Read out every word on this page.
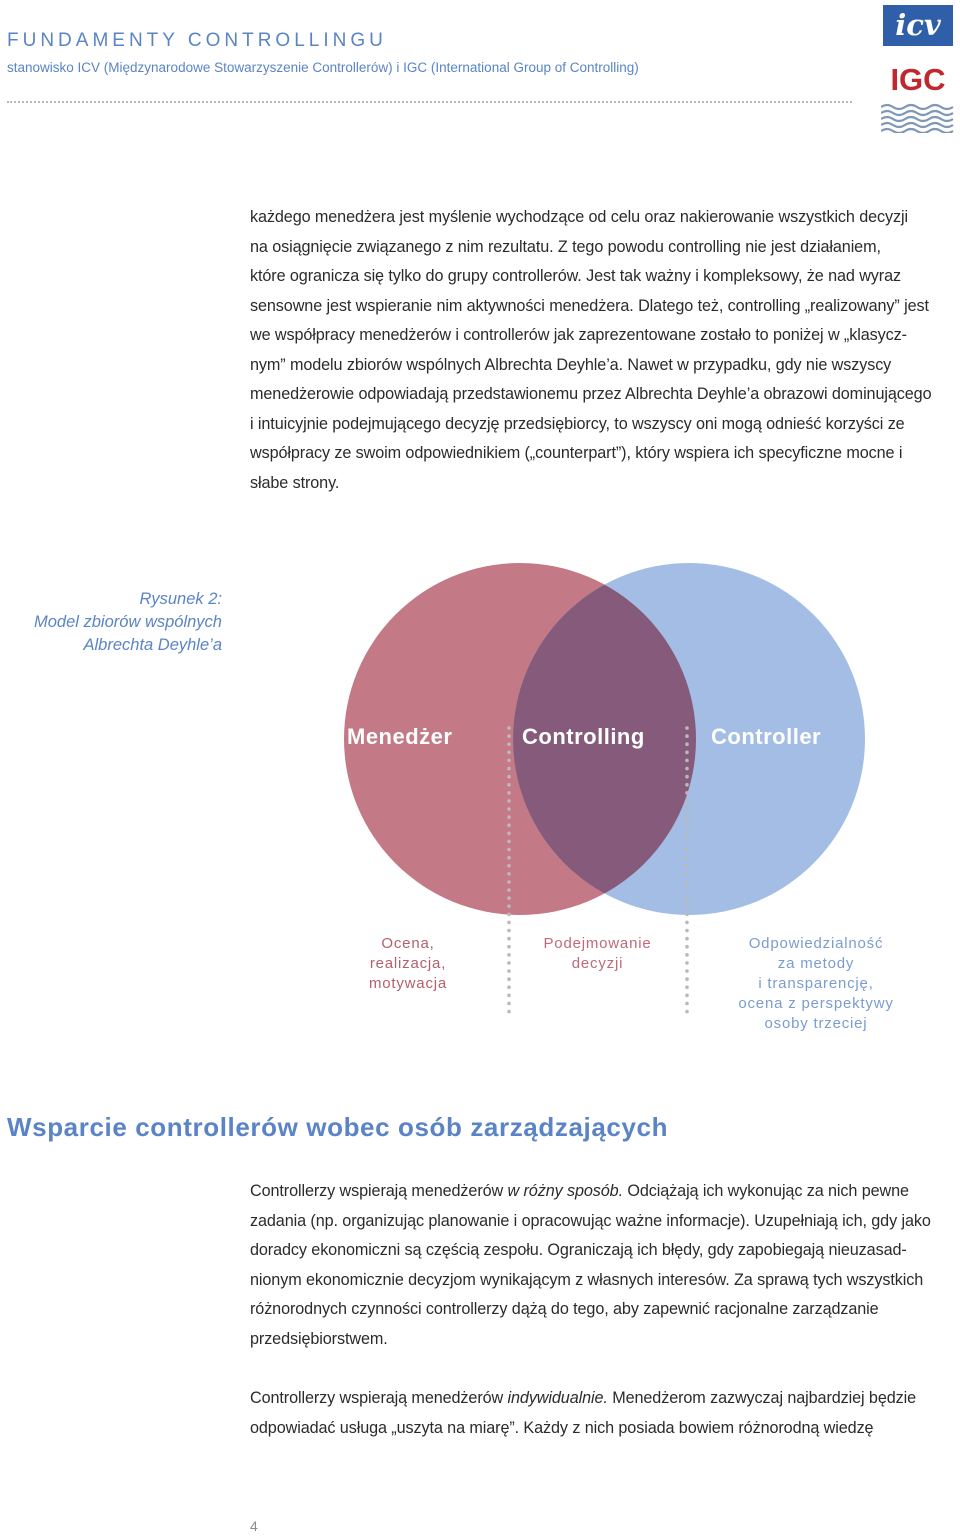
FUNDAMENTY CONTROLLINGU
stanowisko ICV (Międzynarodowe Stowarzyszenie Controllerów) i IGC (International Group of Controlling)
icv
IGC
każdego menedżera jest myślenie wychodzące od celu oraz nakierowanie wszystkich decyzji
na osiągnięcie związanego z nim rezultatu. Z tego powodu controlling nie jest działaniem,
które ogranicza się tylko do grupy controllerów. Jest tak ważny i kompleksowy, że nad wyraz
sensowne jest wspieranie nim aktywności menedżera. Dlatego też, controlling „realizowany” jest
we współpracy menedżerów i controllerów jak zaprezentowane zostało to poniżej w „klasycz-
nym” modelu zbiorów wspólnych Albrechta Deyhle’a. Nawet w przypadku, gdy nie wszyscy
menedżerowie odpowiadają przedstawionemu przez Albrechta Deyhle’a obrazowi dominującego
i intuicyjnie podejmującego decyzję przedsiębiorcy, to wszyscy oni mogą odnieść korzyści ze
współpracy ze swoim odpowiednikiem („counterpart”), który wspiera ich specyficzne mocne i
słabe strony.
Rysunek 2:
Model zbiorów wspólnych
Albrechta Deyhle’a
Menedżer	Controlling	Controller
Ocena,
realizacja,
motywacja
Podejmowanie
decyzji
Odpowiedzialność
za metody
i transparencję,
ocena z perspektywy
osoby trzeciej
Wsparcie controllerów wobec osób zarządzających
Controllerzy wspierają menedżerów w różny sposób. Odciążają ich wykonując za nich pewne
zadania (np. organizując planowanie i opracowując ważne informacje). Uzupełniają ich, gdy jako
doradcy ekonomiczni są częścią zespołu. Ograniczają ich błędy, gdy zapobiegają nieuzasad-
nionym ekonomicznie decyzjom wynikającym z własnych interesów. Za sprawą tych wszystkich
różnorodnych czynności controllerzy dążą do tego, aby zapewnić racjonalne zarządzanie
przedsiębiorstwem.
Controllerzy wspierają menedżerów indywidualnie. Menedżerom zazwyczaj najbardziej będzie
odpowiadać usługa „uszyta na miarę”. Każdy z nich posiada bowiem różnorodną wiedzę
4
